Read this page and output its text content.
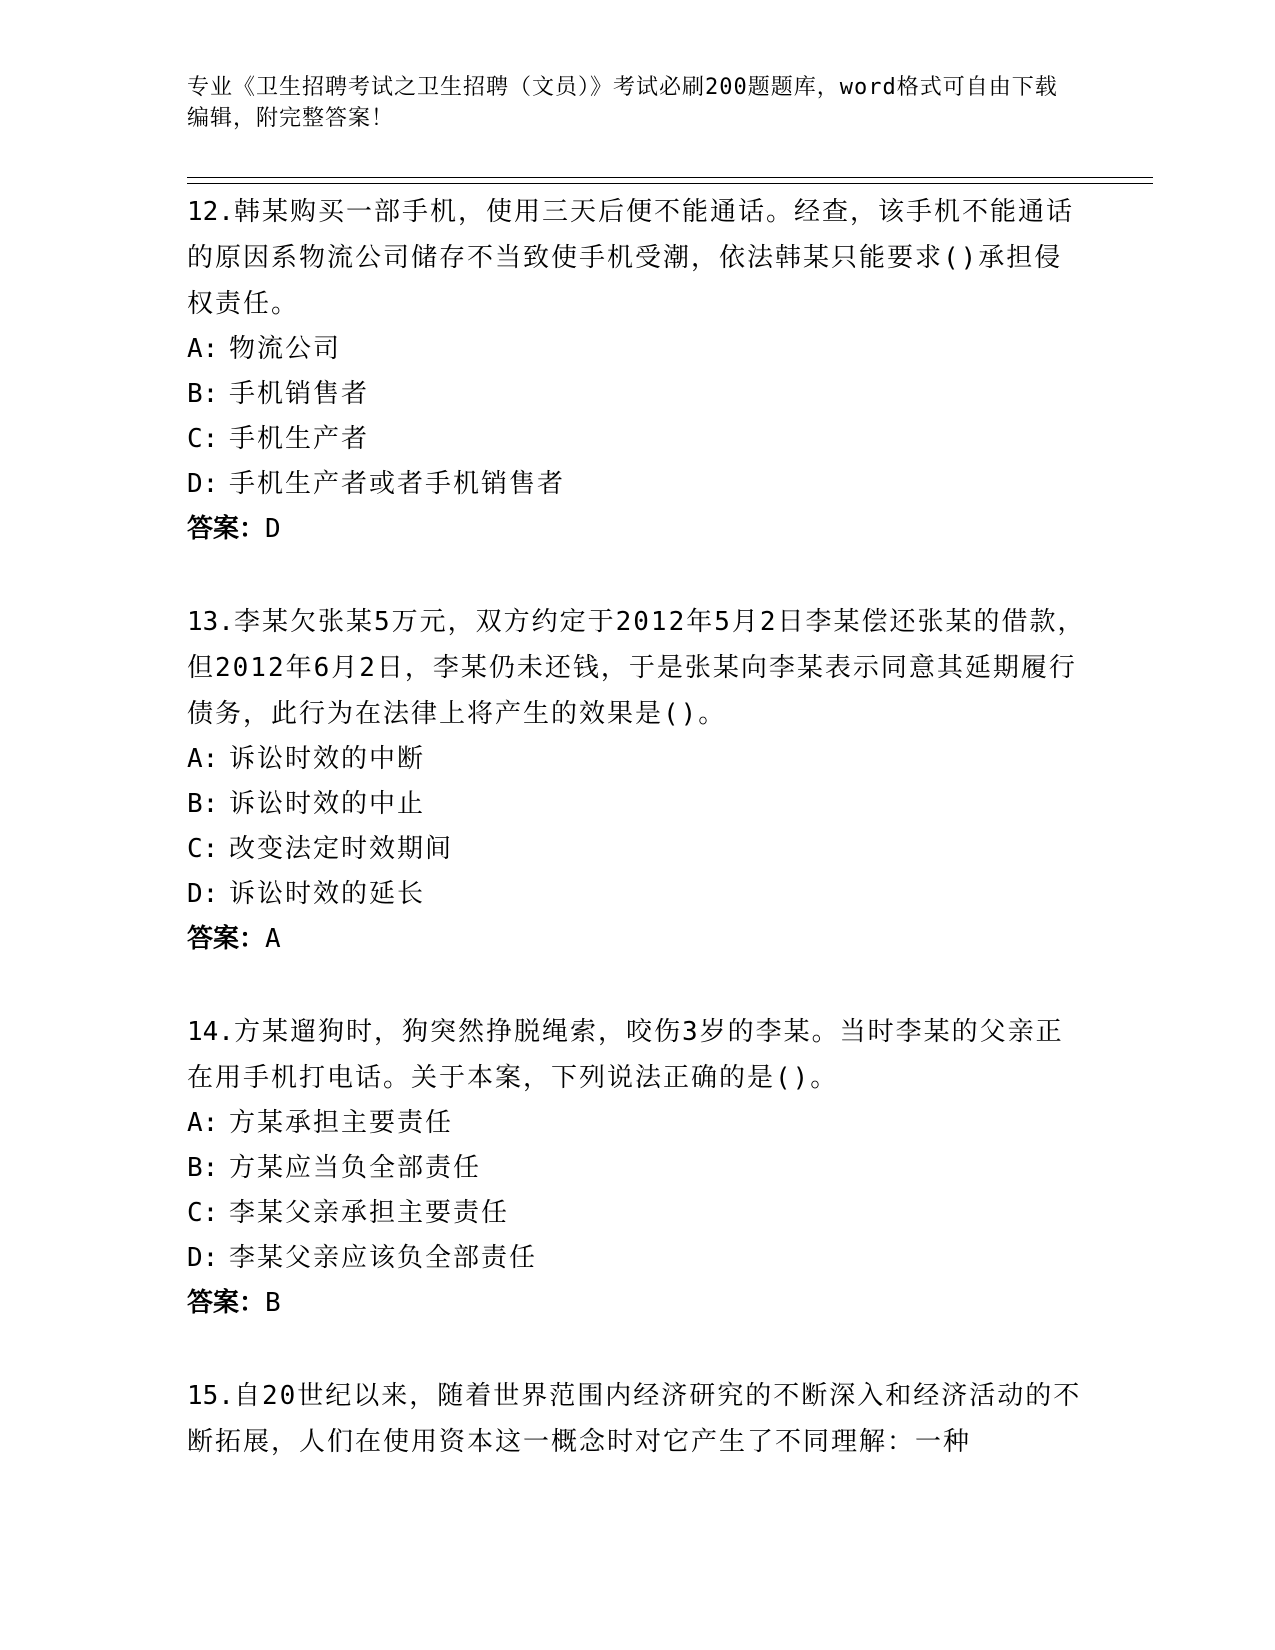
专业《卫生招聘考试之卫生招聘（文员）》考试必刷200题题库，word格式可自由下载编辑，附完整答案！
12.韩某购买一部手机，使用三天后便不能通话。经查，该手机不能通话的原因系物流公司储存不当致使手机受潮，依法韩某只能要求()承担侵权责任。
A: 物流公司
B: 手机销售者
C: 手机生产者
D: 手机生产者或者手机销售者
答案：D
13.李某欠张某5万元，双方约定于2012年5月2日李某偿还张某的借款，但2012年6月2日，李某仍未还钱，于是张某向李某表示同意其延期履行债务，此行为在法律上将产生的效果是()。
A: 诉讼时效的中断
B: 诉讼时效的中止
C: 改变法定时效期间
D: 诉讼时效的延长
答案：A
14.方某遛狗时，狗突然挣脱绳索，咬伤3岁的李某。当时李某的父亲正在用手机打电话。关于本案，下列说法正确的是()。
A: 方某承担主要责任
B: 方某应当负全部责任
C: 李某父亲承担主要责任
D: 李某父亲应该负全部责任
答案：B
15.自20世纪以来，随着世界范围内经济研究的不断深入和经济活动的不断拓展，人们在使用资本这一概念时对它产生了不同理解：一种
